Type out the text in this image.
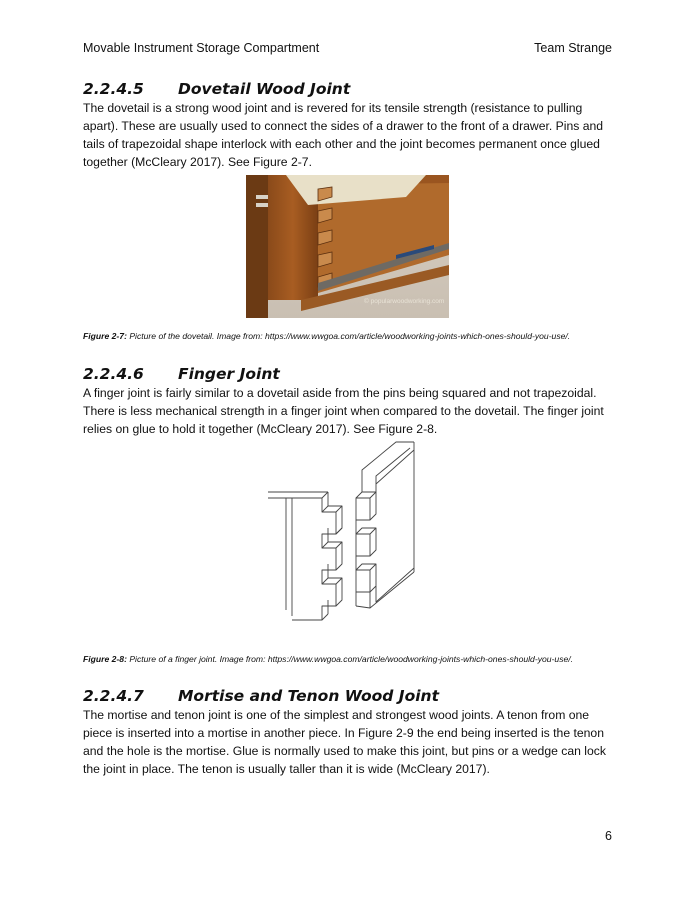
Movable Instrument Storage Compartment	Team Strange
2.2.4.5 Dovetail Wood Joint
The dovetail is a strong wood joint and is revered for its tensile strength (resistance to pulling apart). These are usually used to connect the sides of a drawer to the front of a drawer. Pins and tails of trapezoidal shape interlock with each other and the joint becomes permanent once glued together (McCleary 2017). See Figure 2-7.
© popularwoodworking.com
Figure 2-7: Picture of the dovetail. Image from: https://www.wwgoa.com/article/woodworking-joints-which-ones-should-you-use/.
2.2.4.6 Finger Joint
A finger joint is fairly similar to a dovetail aside from the pins being squared and not trapezoidal. There is less mechanical strength in a finger joint when compared to the dovetail. The finger joint relies on glue to hold it together (McCleary 2017). See Figure 2-8.
Figure 2-8: Picture of a finger joint. Image from: https://www.wwgoa.com/article/woodworking-joints-which-ones-should-you-use/.
2.2.4.7 Mortise and Tenon Wood Joint
The mortise and tenon joint is one of the simplest and strongest wood joints. A tenon from one piece is inserted into a mortise in another piece. In Figure 2-9 the end being inserted is the tenon and the hole is the mortise. Glue is normally used to make this joint, but pins or a wedge can lock the joint in place. The tenon is usually taller than it is wide (McCleary 2017).
6
